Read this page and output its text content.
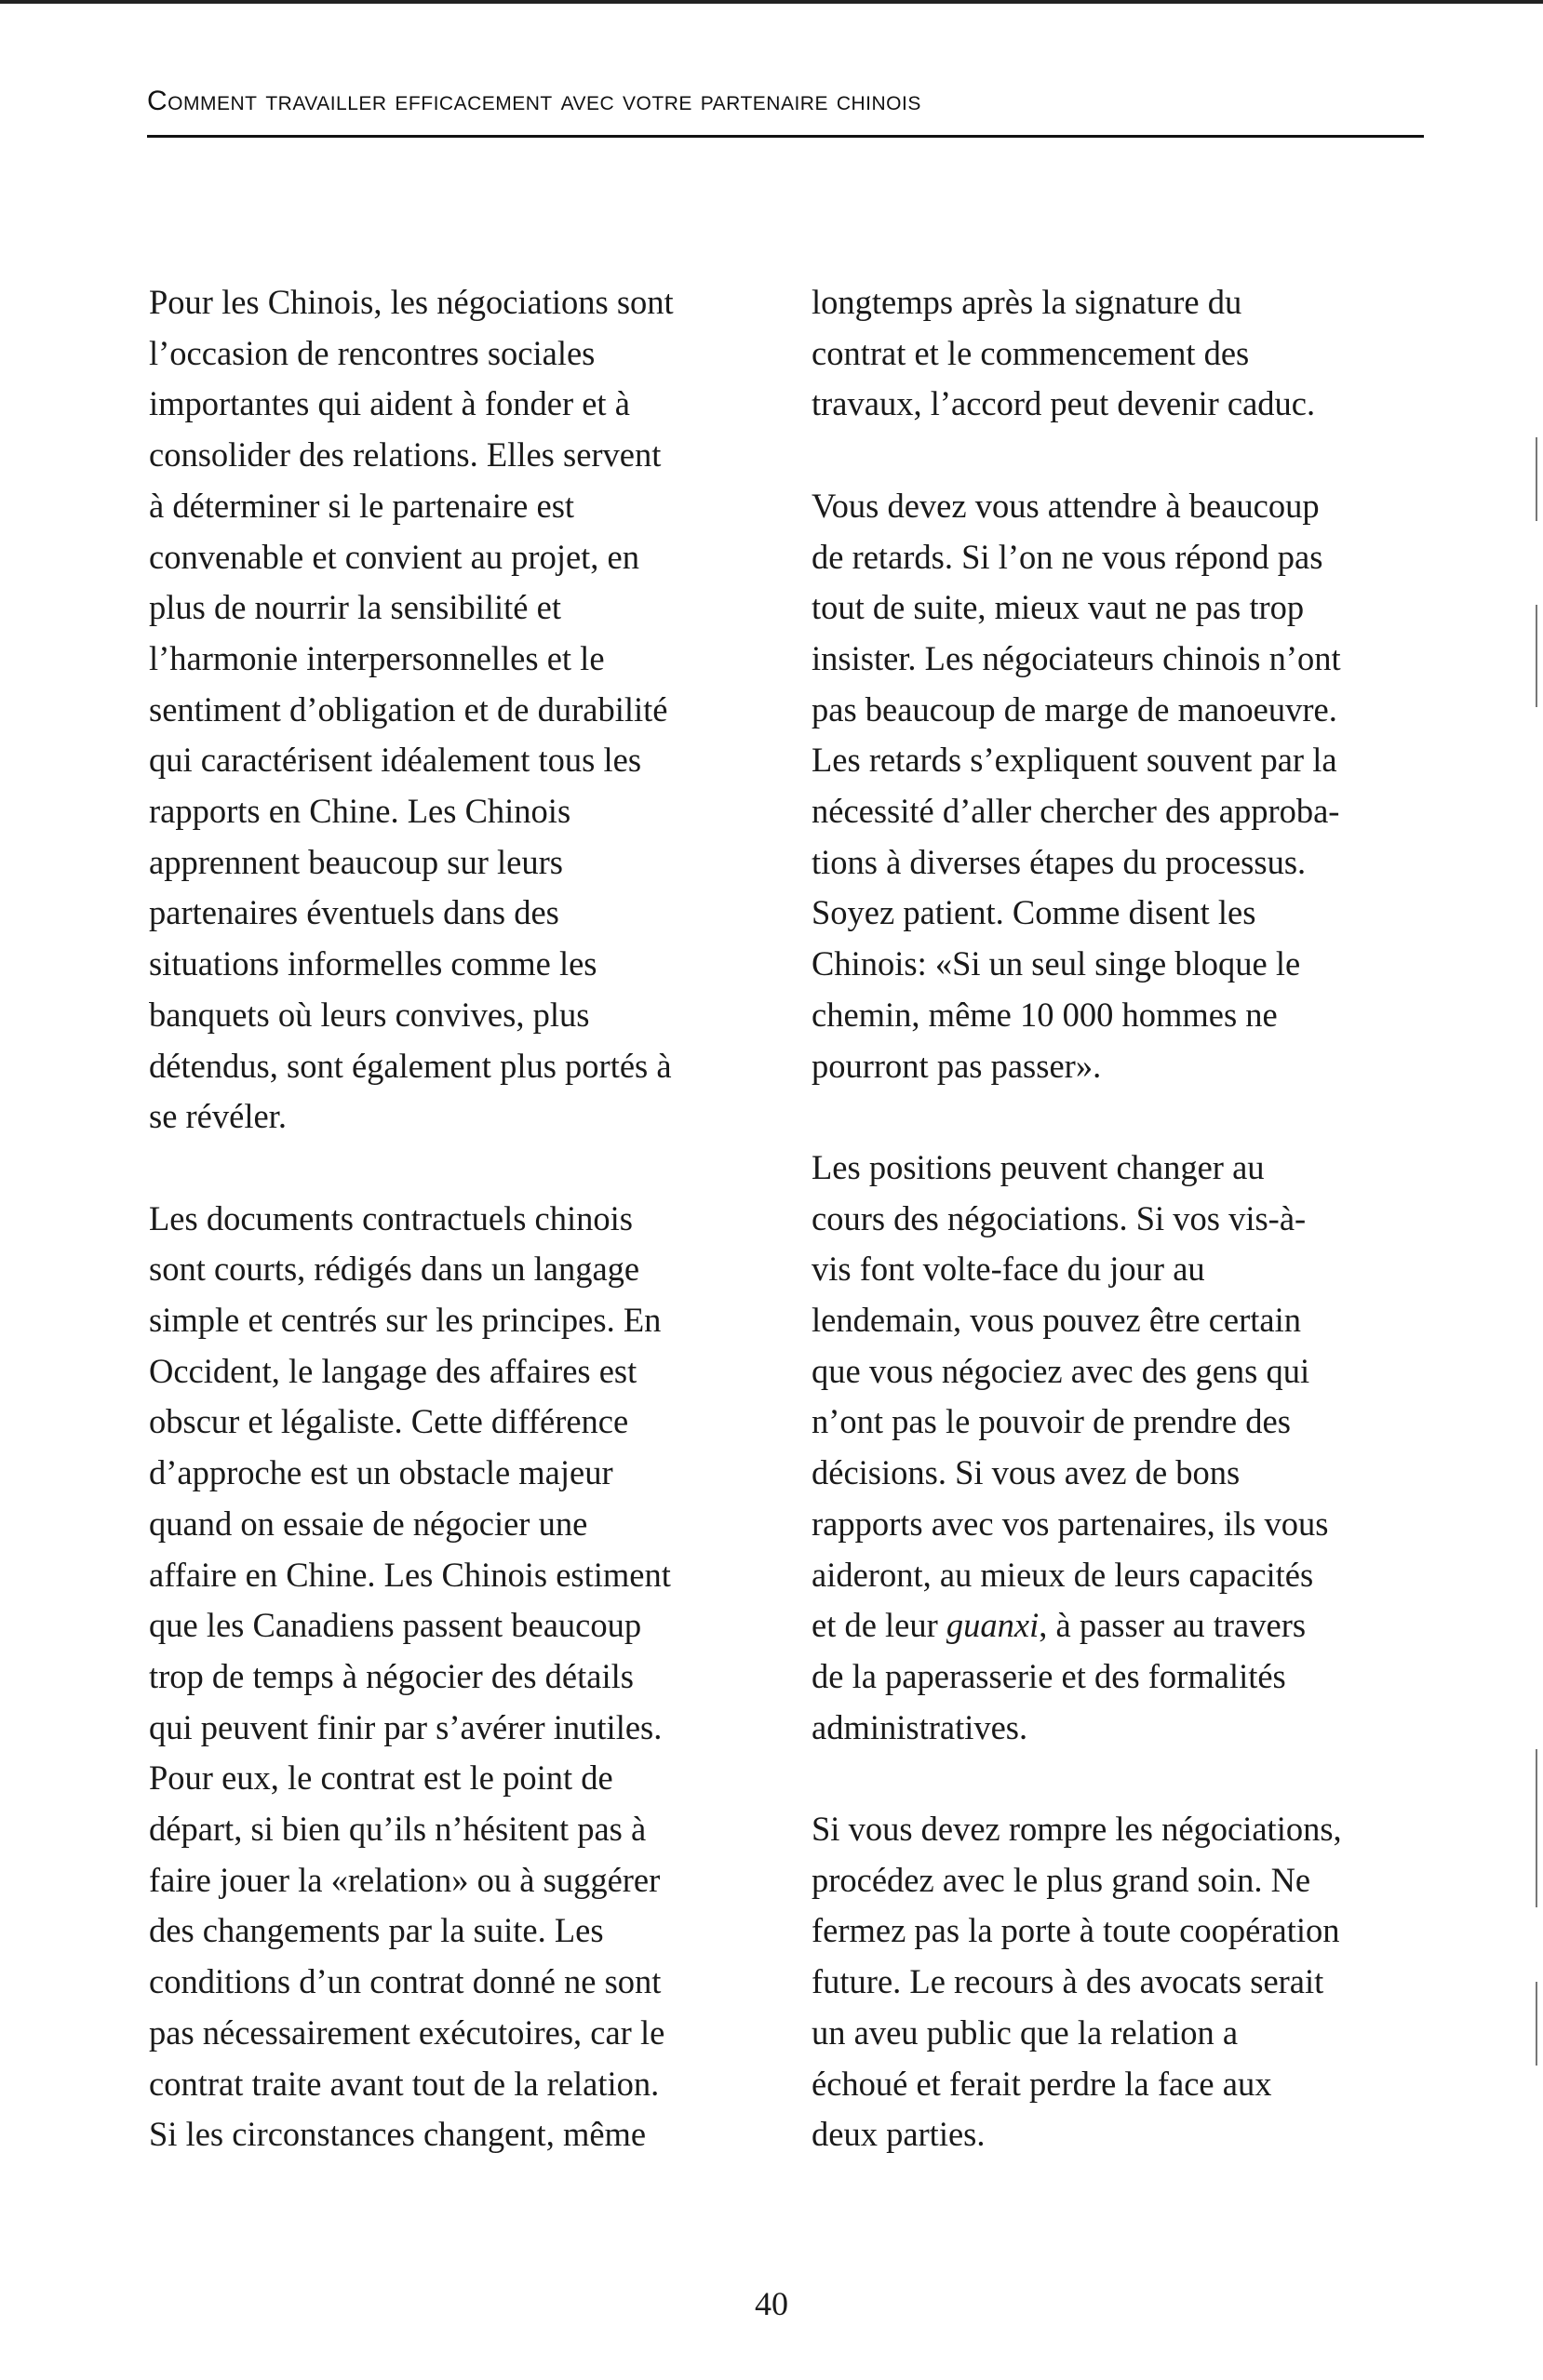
Comment travailler efficacement avec votre partenaire chinois

Pour les Chinois, les négociations sont
l’occasion de rencontres sociales
importantes qui aident à fonder et à
consolider des relations. Elles servent
à déterminer si le partenaire est
convenable et convient au projet, en
plus de nourrir la sensibilité et
l’harmonie interpersonnelles et le
sentiment d’obligation et de durabilité
qui caractérisent idéalement tous les
rapports en Chine. Les Chinois
apprennent beaucoup sur leurs
partenaires éventuels dans des
situations informelles comme les
banquets où leurs convives, plus
détendus, sont également plus portés à
se révéler.

Les documents contractuels chinois
sont courts, rédigés dans un langage
simple et centrés sur les principes. En
Occident, le langage des affaires est
obscur et légaliste. Cette différence
d’approche est un obstacle majeur
quand on essaie de négocier une
affaire en Chine. Les Chinois estiment
que les Canadiens passent beaucoup
trop de temps à négocier des détails
qui peuvent finir par s’avérer inutiles.
Pour eux, le contrat est le point de
départ, si bien qu’ils n’hésitent pas à
faire jouer la «relation» ou à suggérer
des changements par la suite. Les
conditions d’un contrat donné ne sont
pas nécessairement exécutoires, car le
contrat traite avant tout de la relation.
Si les circonstances changent, même

longtemps après la signature du
contrat et le commencement des
travaux, l’accord peut devenir caduc.

Vous devez vous attendre à beaucoup
de retards. Si l’on ne vous répond pas
tout de suite, mieux vaut ne pas trop
insister. Les négociateurs chinois n’ont
pas beaucoup de marge de manoeuvre.
Les retards s’expliquent souvent par la
nécessité d’aller chercher des approba-
tions à diverses étapes du processus.
Soyez patient. Comme disent les
Chinois: «Si un seul singe bloque le
chemin, même 10 000 hommes ne
pourront pas passer».

Les positions peuvent changer au
cours des négociations. Si vos vis-à-
vis font volte-face du jour au
lendemain, vous pouvez être certain
que vous négociez avec des gens qui
n’ont pas le pouvoir de prendre des
décisions. Si vous avez de bons
rapports avec vos partenaires, ils vous
aideront, au mieux de leurs capacités
et de leur guanxi, à passer au travers
de la paperasserie et des formalités
administratives.

Si vous devez rompre les négociations,
procédez avec le plus grand soin. Ne
fermez pas la porte à toute coopération
future. Le recours à des avocats serait
un aveu public que la relation a
échoué et ferait perdre la face aux
deux parties.

40
